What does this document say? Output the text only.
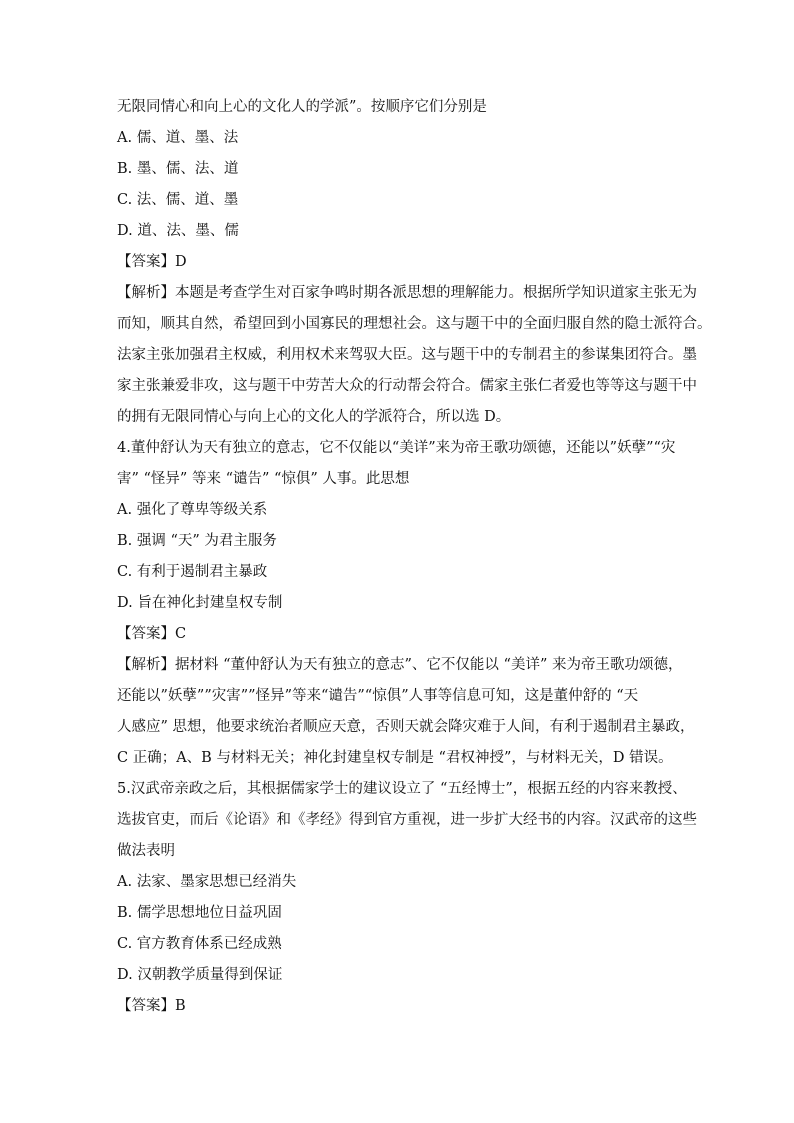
无限同情心和向上心的文化人的学派”。按顺序它们分别是
A. 儒、道、墨、法
B. 墨、儒、法、道
C. 法、儒、道、墨
D. 道、法、墨、儒
【答案】D
【解析】本题是考查学生对百家争鸣时期各派思想的理解能力。根据所学知识道家主张无为
而知，顺其自然，希望回到小国寡民的理想社会。这与题干中的全面归服自然的隐士派符合。
法家主张加强君主权威，利用权术来驾驭大臣。这与题干中的专制君主的参谋集团符合。墨
家主张兼爱非攻，这与题干中劳苦大众的行动帮会符合。儒家主张仁者爱也等等这与题干中
的拥有无限同情心与向上心的文化人的学派符合，所以选 D。
4.董仲舒认为天有独立的意志，它不仅能以“美详”来为帝王歌功颂德，还能以”妖孽”“灾
害” “怪异” 等来 “谴告” “惊俱” 人事。此思想
A. 强化了尊卑等级关系
B. 强调 “天” 为君主服务
C. 有利于遏制君主暴政
D. 旨在神化封建皇权专制
【答案】C
【解析】据材料 “董仲舒认为天有独立的意志”、它不仅能以 “美详” 来为帝王歌功颂德，
还能以”妖孽””灾害””怪异”等来“谴告”“惊俱”人事等信息可知，这是董仲舒的 “天
人感应” 思想，他要求统治者顺应天意，否则天就会降灾难于人间，有利于遏制君主暴政，
C 正确；A、B 与材料无关；神化封建皇权专制是 “君权神授”，与材料无关，D 错误。
5.汉武帝亲政之后，其根据儒家学士的建议设立了 “五经博士”，根据五经的内容来教授、
选拔官吏，而后《论语》和《孝经》得到官方重视，进一步扩大经书的内容。汉武帝的这些
做法表明
A. 法家、墨家思想已经消失
B. 儒学思想地位日益巩固
C. 官方教育体系已经成熟
D. 汉朝教学质量得到保证
【答案】B
